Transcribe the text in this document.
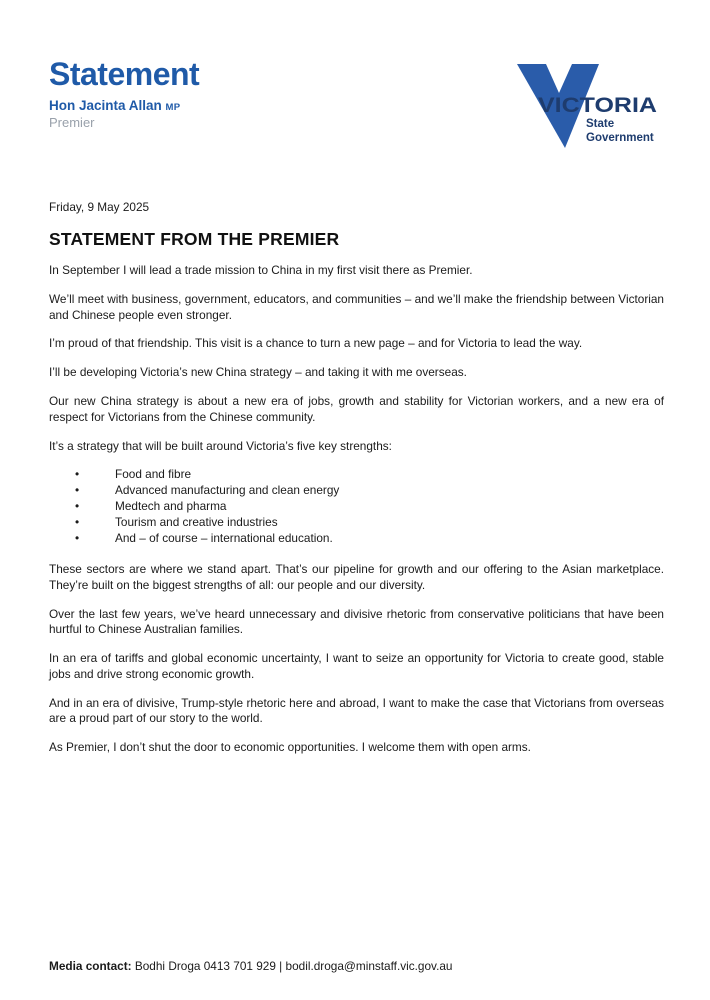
Statement
Hon Jacinta Allan MP
Premier
VICTORIA
State
Government

Friday, 9 May 2025

STATEMENT FROM THE PREMIER

In September I will lead a trade mission to China in my first visit there as Premier.

We’ll meet with business, government, educators, and communities – and we’ll make the friendship between Victorian and Chinese people even stronger.

I’m proud of that friendship. This visit is a chance to turn a new page – and for Victoria to lead the way.

I’ll be developing Victoria’s new China strategy – and taking it with me overseas.

Our new China strategy is about a new era of jobs, growth and stability for Victorian workers, and a new era of respect for Victorians from the Chinese community.

It’s a strategy that will be built around Victoria’s five key strengths:

• Food and fibre
• Advanced manufacturing and clean energy
• Medtech and pharma
• Tourism and creative industries
• And – of course – international education.

These sectors are where we stand apart. That’s our pipeline for growth and our offering to the Asian marketplace. They’re built on the biggest strengths of all: our people and our diversity.

Over the last few years, we’ve heard unnecessary and divisive rhetoric from conservative politicians that have been hurtful to Chinese Australian families.

In an era of tariffs and global economic uncertainty, I want to seize an opportunity for Victoria to create good, stable jobs and drive strong economic growth.

And in an era of divisive, Trump-style rhetoric here and abroad, I want to make the case that Victorians from overseas are a proud part of our story to the world.

As Premier, I don’t shut the door to economic opportunities. I welcome them with open arms.

Media contact: Bodhi Droga 0413 701 929 | bodil.droga@minstaff.vic.gov.au
